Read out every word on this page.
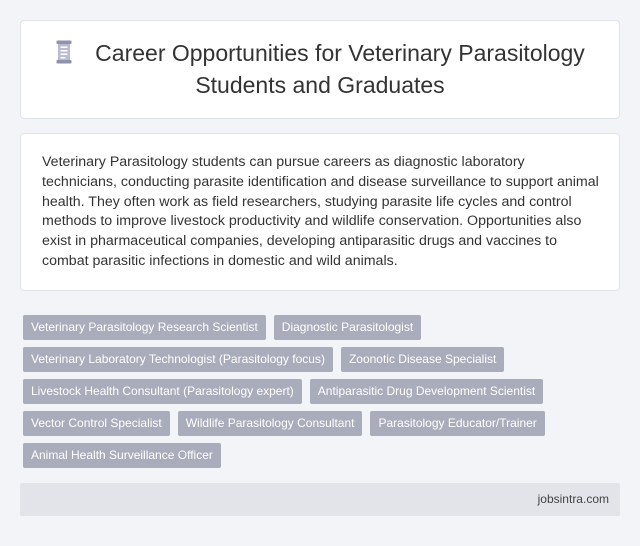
Career Opportunities for Veterinary Parasitology Students and Graduates

Veterinary Parasitology students can pursue careers as diagnostic laboratory technicians, conducting parasite identification and disease surveillance to support animal health. They often work as field researchers, studying parasite life cycles and control methods to improve livestock productivity and wildlife conservation. Opportunities also exist in pharmaceutical companies, developing antiparasitic drugs and vaccines to combat parasitic infections in domestic and wild animals.

Veterinary Parasitology Research Scientist	Diagnostic Parasitologist
Veterinary Laboratory Technologist (Parasitology focus)	Zoonotic Disease Specialist
Livestock Health Consultant (Parasitology expert)	Antiparasitic Drug Development Scientist
Vector Control Specialist	Wildlife Parasitology Consultant	Parasitology Educator/Trainer
Animal Health Surveillance Officer
jobsintra.com
